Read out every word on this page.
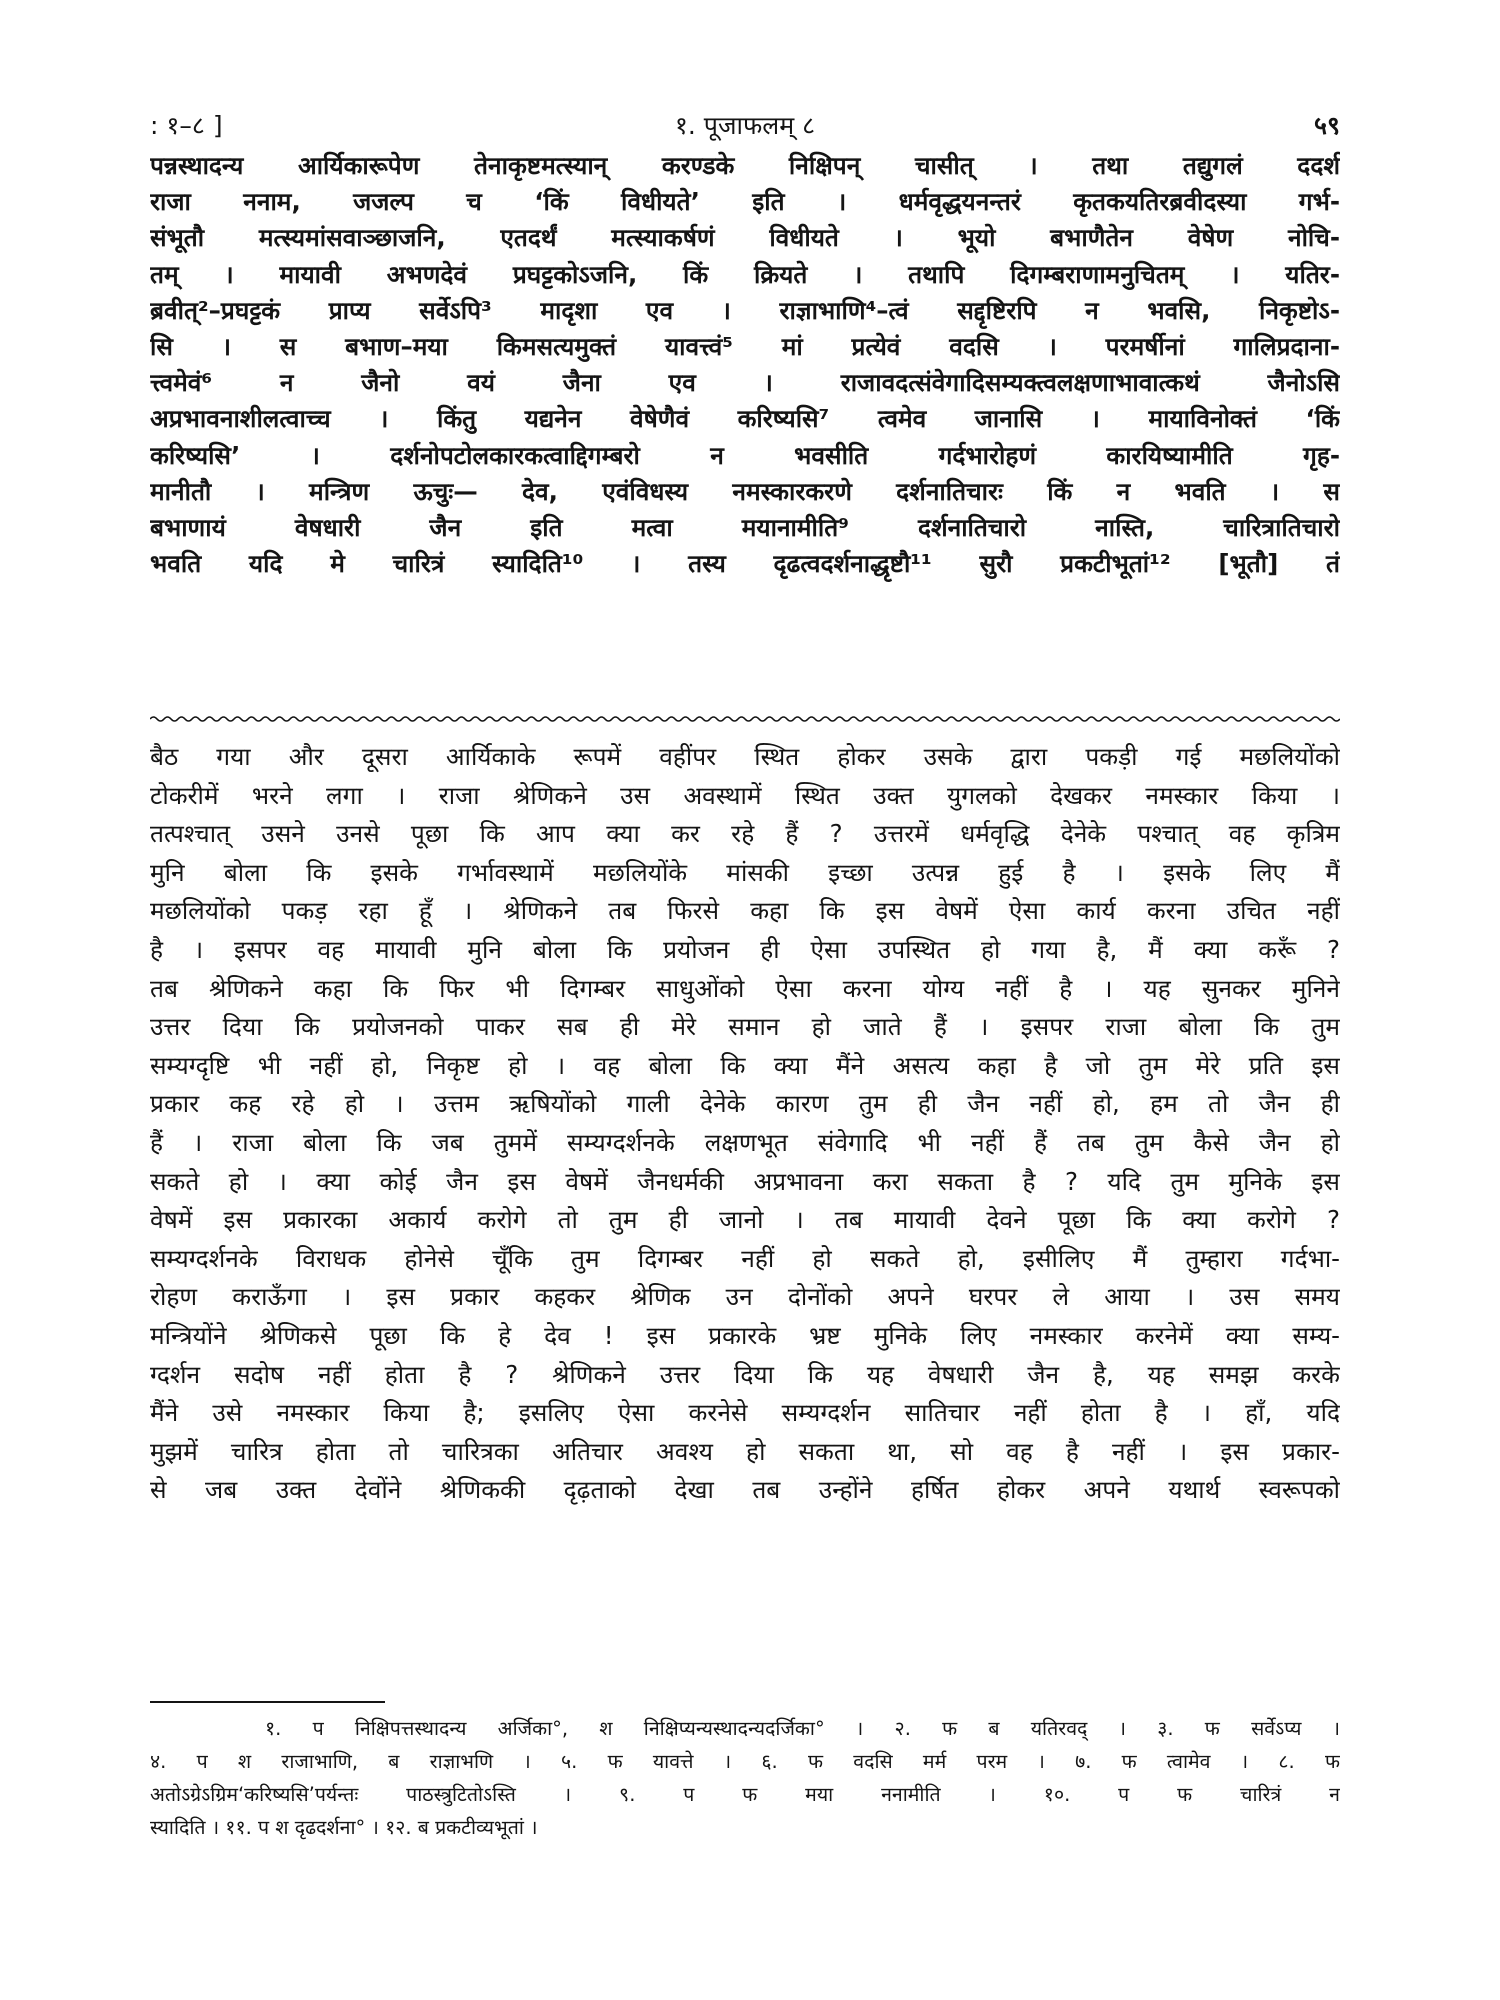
: १–८ ]	१. पूजाफलम् ८	५९
पन्नस्थादन्य आर्यिकारूपेण तेनाकृष्टमत्स्यान् करण्डके निक्षिपन् चासीत् । तथा तद्युगलं ददर्श
राजा ननाम, जजल्प च ‘किं विधीयते’ इति । धर्मवृद्धयनन्तरं कृतकयतिरब्रवीदस्या गर्भ-
संभूतौ मत्स्यमांसवाञ्छाजनि, एतदर्थं मत्स्याकर्षणं विधीयते । भूयो बभाणैतेन वेषेण नोचि-
तम् । मायावी अभणदेवं प्रघट्टकोऽजनि, किं क्रियते । तथापि दिगम्बराणामनुचितम् । यतिर-
ब्रवीत्²–प्रघट्टकं प्राप्य सर्वेऽपि³ मादृशा एव । राज्ञाभाणि⁴–त्वं सद्दृष्टिरपि न भवसि, निकृष्टोऽ-
सि । स बभाण–मया किमसत्यमुक्तं यावत्त्वं⁵ मां प्रत्येवं वदसि । परमर्षीनां गालिप्रदाना-
त्त्वमेवं⁶ न जैनो वयं जैना एव । राजावदत्संवेगादिसम्यक्त्वलक्षणाभावात्कथं जैनोऽसि
अप्रभावनाशीलत्वाच्च । किंतु यद्यनेन वेषेणैवं करिष्यसि⁷ त्वमेव जानासि । मायाविनोक्तं ‘किं
करिष्यसि’ । दर्शनोपटोलकारकत्वाद्दिगम्बरो न भवसीति गर्दभारोहणं कारयिष्यामीति गृह-
मानीतौ । मन्त्रिण ऊचुः— देव, एवंविधस्य नमस्कारकरणे दर्शनातिचारः किं न भवति । स
बभाणायं वेषधारी जैन इति मत्वा मयानामीति⁹ दर्शनातिचारो नास्ति, चारित्रातिचारो
भवति यदि मे चारित्रं स्यादिति¹⁰ । तस्य दृढत्वदर्शनाद्धृष्टौ¹¹ सुरौ प्रकटीभूतां¹² [भूतौ] तं
बैठ गया और दूसरा आर्यिकाके रूपमें वहींपर स्थित होकर उसके द्वारा पकड़ी गई मछलियोंको
टोकरीमें भरने लगा । राजा श्रेणिकने उस अवस्थामें स्थित उक्त युगलको देखकर नमस्कार किया ।
तत्पश्चात् उसने उनसे पूछा कि आप क्या कर रहे हैं ? उत्तरमें धर्मवृद्धि देनेके पश्चात् वह कृत्रिम
मुनि बोला कि इसके गर्भावस्थामें मछलियोंके मांसकी इच्छा उत्पन्न हुई है । इसके लिए मैं
मछलियोंको पकड़ रहा हूँ । श्रेणिकने तब फिरसे कहा कि इस वेषमें ऐसा कार्य करना उचित नहीं
है । इसपर वह मायावी मुनि बोला कि प्रयोजन ही ऐसा उपस्थित हो गया है, मैं क्या करूँ ?
तब श्रेणिकने कहा कि फिर भी दिगम्बर साधुओंको ऐसा करना योग्य नहीं है । यह सुनकर मुनिने
उत्तर दिया कि प्रयोजनको पाकर सब ही मेरे समान हो जाते हैं । इसपर राजा बोला कि तुम
सम्यग्दृष्टि भी नहीं हो, निकृष्ट हो । वह बोला कि क्या मैंने असत्य कहा है जो तुम मेरे प्रति इस
प्रकार कह रहे हो । उत्तम ऋषियोंको गाली देनेके कारण तुम ही जैन नहीं हो, हम तो जैन ही
हैं । राजा बोला कि जब तुममें सम्यग्दर्शनके लक्षणभूत संवेगादि भी नहीं हैं तब तुम कैसे जैन हो
सकते हो । क्या कोई जैन इस वेषमें जैनधर्मकी अप्रभावना करा सकता है ? यदि तुम मुनिके इस
वेषमें इस प्रकारका अकार्य करोगे तो तुम ही जानो । तब मायावी देवने पूछा कि क्या करोगे ?
सम्यग्दर्शनके विराधक होनेसे चूँकि तुम दिगम्बर नहीं हो सकते हो, इसीलिए मैं तुम्हारा गर्दभा-
रोहण कराऊँगा । इस प्रकार कहकर श्रेणिक उन दोनोंको अपने घरपर ले आया । उस समय
मन्त्रियोंने श्रेणिकसे पूछा कि हे देव ! इस प्रकारके भ्रष्ट मुनिके लिए नमस्कार करनेमें क्या सम्य-
ग्दर्शन सदोष नहीं होता है ? श्रेणिकने उत्तर दिया कि यह वेषधारी जैन है, यह समझ करके
मैंने उसे नमस्कार किया है; इसलिए ऐसा करनेसे सम्यग्दर्शन सातिचार नहीं होता है । हाँ, यदि
मुझमें चारित्र होता तो चारित्रका अतिचार अवश्य हो सकता था, सो वह है नहीं । इस प्रकार-
से जब उक्त देवोंने श्रेणिककी दृढ़ताको देखा तब उन्होंने हर्षित होकर अपने यथार्थ स्वरूपको
१. प निक्षिपत्तस्थादन्य अर्जिका°, श निक्षिप्यन्यस्थादन्यदर्जिका° । २. फ ब यतिरवद् । ३. फ सर्वेऽप्य ।
४. प श राजाभाणि, ब राज्ञाभणि । ५. फ यावत्ते । ६. फ वदसि मर्म परम । ७. फ त्वामेव । ८. फ
अतोऽग्रेऽग्रिम‘करिष्यसि’पर्यन्तः पाठस्त्रुटितोऽस्ति । ९. प फ मया ननामीति । १०. प फ चारित्रं न
स्यादिति । ११. प श दृढदर्शना° । १२. ब प्रकटीव्यभूतां ।
